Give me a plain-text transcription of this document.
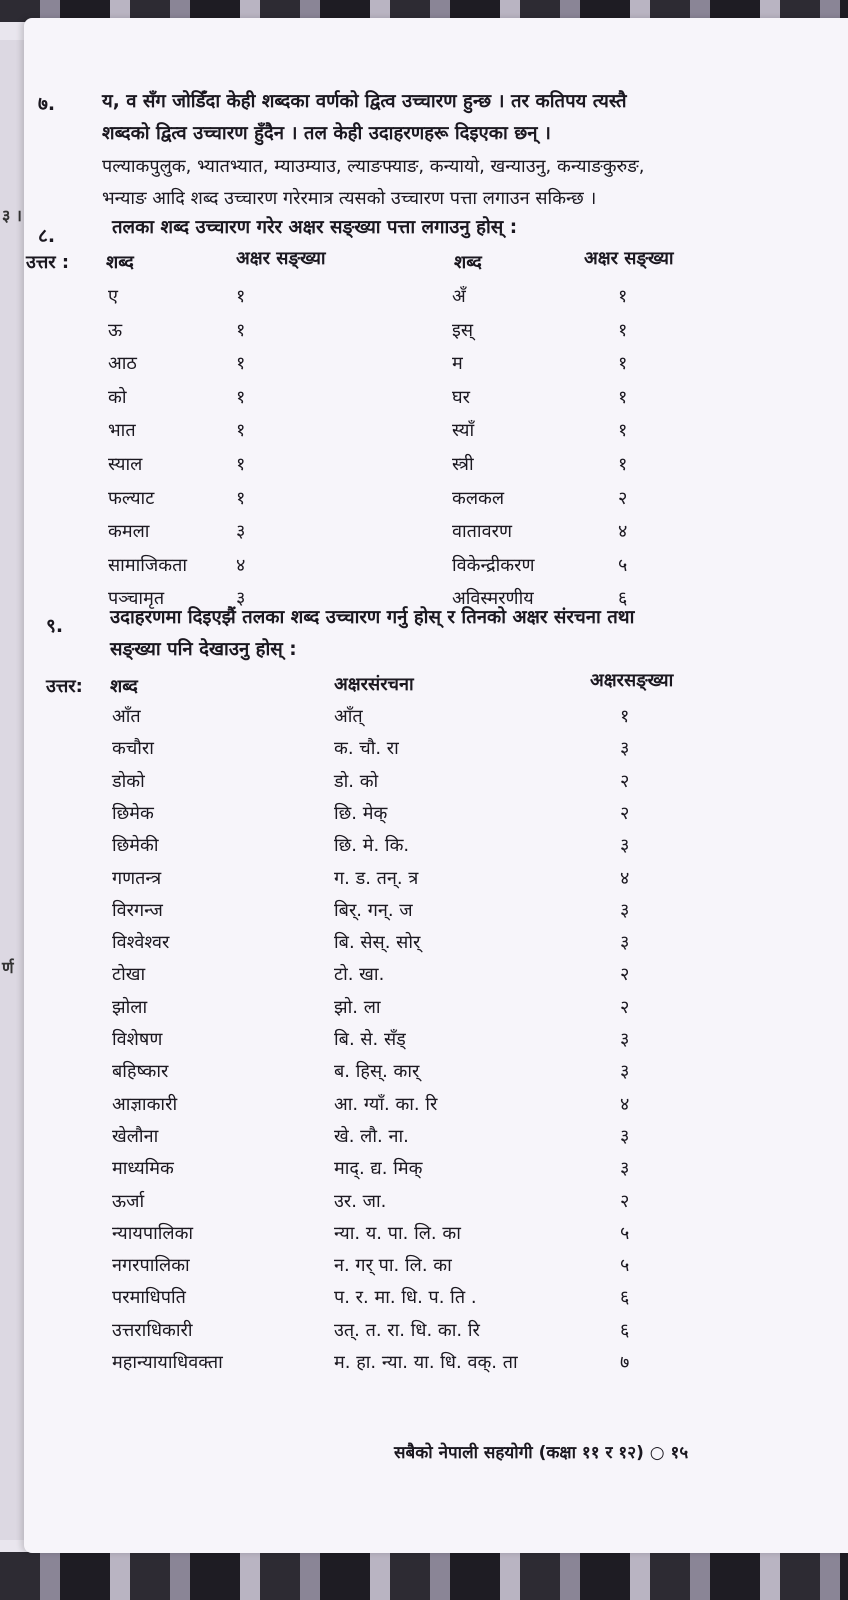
३ ।
र्ण
७.	य, व सँग जोडिँदा केही शब्दका वर्णको द्वित्व उच्चारण हुन्छ । तर कतिपय त्यस्तै
शब्दको द्वित्व उच्चारण हुँदैन । तल केही उदाहरणहरू दिइएका छन् ।
पल्याकपुलुक, भ्यातभ्यात, म्याउम्याउ, ल्याङफ्याङ, कन्यायो, खन्याउनु, कन्याङकुरुङ,
भन्याङ आदि शब्द उच्चारण गरेरमात्र त्यसको उच्चारण पत्ता लगाउन सकिन्छ ।
८.	तलका शब्द उच्चारण गरेर अक्षर सङ्ख्या पत्ता लगाउनु होस् :
उत्तर : शब्द	अक्षर सङ्ख्या	शब्द	अक्षर सङ्ख्या
ए	१	अँ	१
ऊ	१	इस्	१
आठ	१	म	१
को	१	घर	१
भात	१	स्याँ	१
स्याल	१	स्त्री	१
फल्याट	१	कलकल	२
कमला	३	वातावरण	४
सामाजिकता	४	विकेन्द्रीकरण	५
पञ्चामृत	३	अविस्मरणीय	६
९.	उदाहरणमा दिइएझैं तलका शब्द उच्चारण गर्नु होस् र तिनको अक्षर संरचना तथा
सङ्ख्या पनि देखाउनु होस् :
उत्तर: शब्द	अक्षरसंरचना	अक्षरसङ्ख्या
आँत	आँत्	१
कचौरा	क. चौ. रा	३
डोको	डो. को	२
छिमेक	छि. मेक्	२
छिमेकी	छि. मे. कि.	३
गणतन्त्र	ग. ड. तन्. त्र	४
विरगन्ज	बिर्. गन्. ज	३
विश्वेश्वर	बि. सेस्. सोर्	३
टोखा	टो. खा.	२
झोला	झो. ला	२
विशेषण	बि. से. सँड्	३
बहिष्कार	ब. हिस्. कार्	३
आज्ञाकारी	आ. ग्याँ. का. रि	४
खेलौना	खे. लौ. ना.	३
माध्यमिक	माद्. द्य. मिक्	३
ऊर्जा	उर. जा.	२
न्यायपालिका	न्या. य. पा. लि. का	५
नगरपालिका	न. गर् पा. लि. का	५
परमाधिपति	प. र. मा. धि. प. ति .	६
उत्तराधिकारी	उत्. त. रा. धि. का. रि	६
महान्यायाधिवक्ता	म. हा. न्या. या. धि. वक्. ता	७
सबैको नेपाली सहयोगी (कक्षा ११ र १२) ○ १५
